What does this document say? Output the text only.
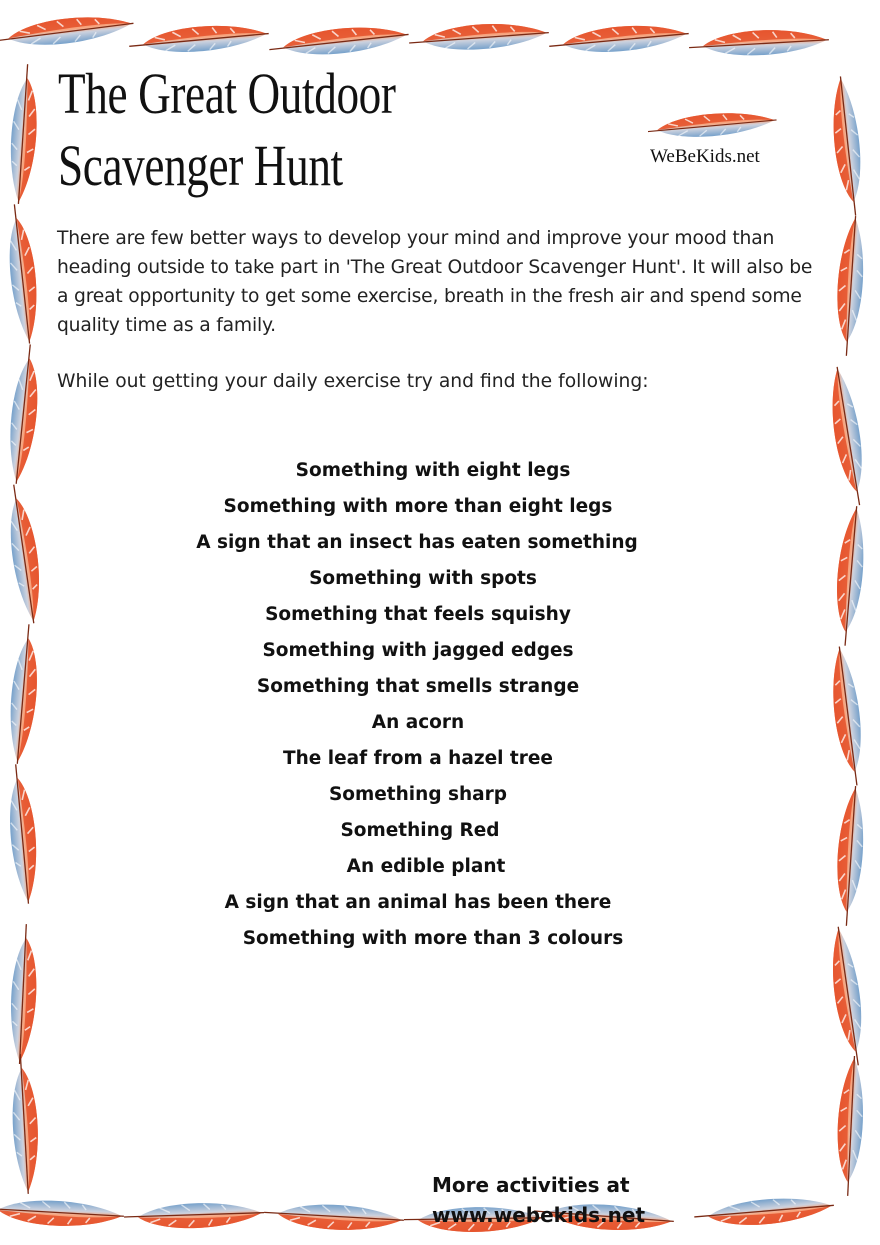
The Great Outdoor
Scavenger Hunt	WeBeKids.net

There are few better ways to develop your mind and improve your mood than heading outside to take part in 'The Great Outdoor Scavenger Hunt'. It will also be a great opportunity to get some exercise, breath in the fresh air and spend some quality time as a family.

While out getting your daily exercise try and find the following:

Something with eight legs
Something with more than eight legs
A sign that an insect has eaten something
Something with spots
Something that feels squishy
Something with jagged edges
Something that smells strange
An acorn
The leaf from a hazel tree
Something sharp
Something Red
An edible plant
A sign that an animal has been there
Something with more than 3 colours
More activities at
www.webekids.net
